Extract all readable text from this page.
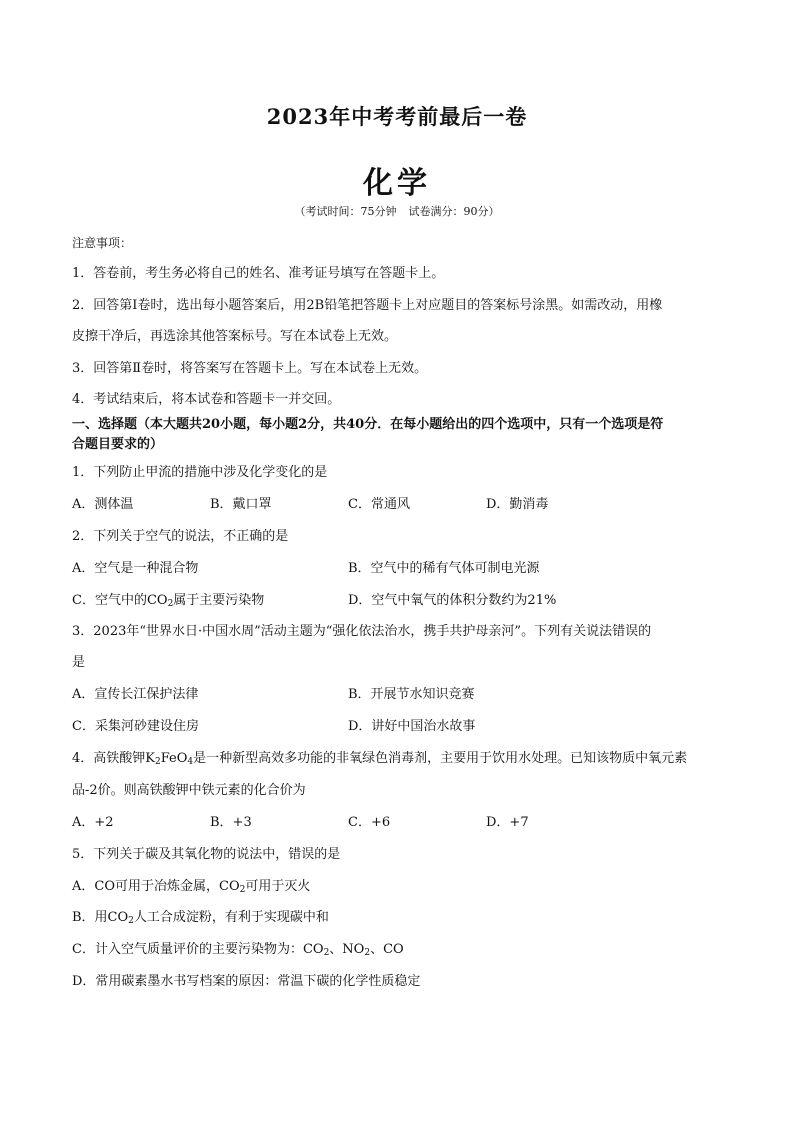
2023年中考考前最后一卷
化学
（考试时间：75分钟 试卷满分：90分）
注意事项：
1．答卷前，考生务必将自己的姓名、准考证号填写在答题卡上。
2．回答第Ⅰ卷时，选出每小题答案后，用2B铅笔把答题卡上对应题目的答案标号涂黑。如需改动，用橡
皮擦干净后，再选涂其他答案标号。写在本试卷上无效。
3．回答第Ⅱ卷时，将答案写在答题卡上。写在本试卷上无效。
4．考试结束后，将本试卷和答题卡一并交回。
一、选择题（本大题共20小题，每小题2分，共40分．在每小题给出的四个选项中，只有一个选项是符
合题目要求的）
1．下列防止甲流的措施中涉及化学变化的是
A．测体温	B．戴口罩	C．常通风	D．勤消毒
2．下列关于空气的说法，不正确的是
A．空气是一种混合物	B．空气中的稀有气体可制电光源
C．空气中的$CO_2$属于主要污染物	D．空气中氧气的体积分数约为21%
3．2023年“世界水日·中国水周”活动主题为“强化依法治水，携手共护母亲河”。下列有关说法错误的
是
A．宣传长江保护法律	B．开展节水知识竞赛
C．采集河砂建设住房	D．讲好中国治水故事
4．高铁酸钾$K_2FeO_4$是一种新型高效多功能的非氧绿色消毒剂，主要用于饮用水处理。已知该物质中氧元素
品-2价。则高铁酸钾中铁元素的化合价为
A．+2	B．+3	C．+6	D．+7
5．下列关于碳及其氧化物的说法中，错误的是
A．CO可用于冶炼金属，$CO_2$可用于灭火
B．用$CO_2$人工合成淀粉，有利于实现碳中和
C．计入空气质量评价的主要污染物为：$CO_2$、$NO_2$、CO
D．常用碳素墨水书写档案的原因：常温下碳的化学性质稳定
